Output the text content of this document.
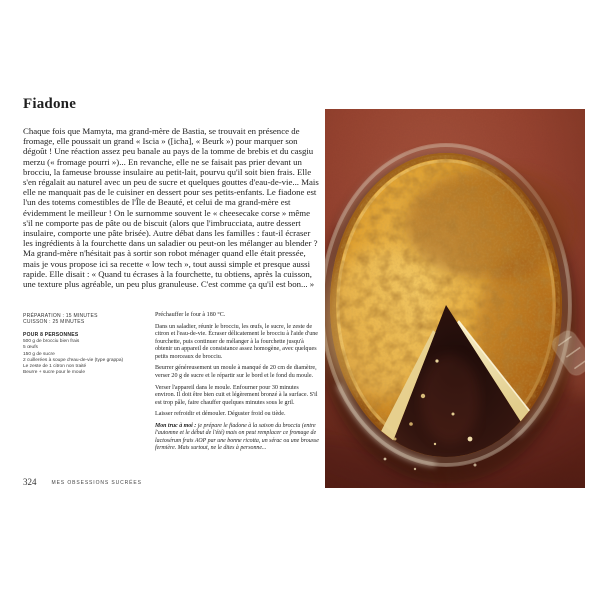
Fiadone

Chaque fois que Mamyta, ma grand-mère de Bastia, se trouvait en présence de fromage, elle poussait un grand « Iscia » ([icha], « Beurk ») pour marquer son dégoût ! Une réaction assez peu banale au pays de la tomme de brebis et du casgiu merzu (« fromage pourri »)... En revanche, elle ne se faisait pas prier devant un brocciu, la fameuse brousse insulaire au petit-lait, pourvu qu'il soit bien frais. Elle s'en régalait au naturel avec un peu de sucre et quelques gouttes d'eau-de-vie... Mais elle ne manquait pas de le cuisiner en dessert pour ses petits-enfants. Le fiadone est l'un des totems comestibles de l'Île de Beauté, et celui de ma grand-mère est évidemment le meilleur ! On le surnomme souvent le « cheesecake corse » même s'il ne comporte pas de pâte ou de biscuit (alors que l'imbrucciata, autre dessert insulaire, comporte une pâte brisée). Autre débat dans les familles : faut-il écraser les ingrédients à la fourchette dans un saladier ou peut-on les mélanger au blender ? Ma grand-mère n'hésitait pas à sortir son robot ménager quand elle était pressée, mais je vous propose ici sa recette « low tech », tout aussi simple et presque aussi rapide. Elle disait : « Quand tu écrases à la fourchette, tu obtiens, après la cuisson, une texture plus agréable, un peu plus granuleuse. C'est comme ça qu'il est bon... »

PRÉPARATION : 15 MINUTES
CUISSON : 25 MINUTES
POUR 8 PERSONNES
500 g de brocciu bien frais
5 œufs
150 g de sucre
2 cuillerées à soupe d'eau-de-vie (type grappa)
Le zeste de 1 citron non traité
Beurre + sucre pour le moule

Préchauffer le four à 180 °C.

Dans un saladier, réunir le brocciu, les œufs, le sucre, le zeste de citron et l'eau-de-vie. Écraser délicatement le brocciu à l'aide d'une fourchette, puis continuer de mélanger à la fourchette jusqu'à obtenir un appareil de consistance assez homogène, avec quelques petits morceaux de brocciu.

Beurrer généreusement un moule à manqué de 20 cm de diamètre, verser 20 g de sucre et le répartir sur le bord et le fond du moule.

Verser l'appareil dans le moule. Enfourner pour 30 minutes environ. Il doit être bien cuit et légèrement bronzé à la surface. S'il est trop pâle, faire chauffer quelques minutes sous le gril.

Laisser refroidir et démouler. Déguster froid ou tiède.

Mon truc à moi : je prépare le fiadone à la saison du brocciu (entre l'automne et le début de l'été) mais on peut remplacer ce fromage de lactosérum frais AOP par une bonne ricotta, un sérac ou une brousse fermière. Mais surtout, ne le dites à personne...

324	MES OBSESSIONS SUCRÉES
